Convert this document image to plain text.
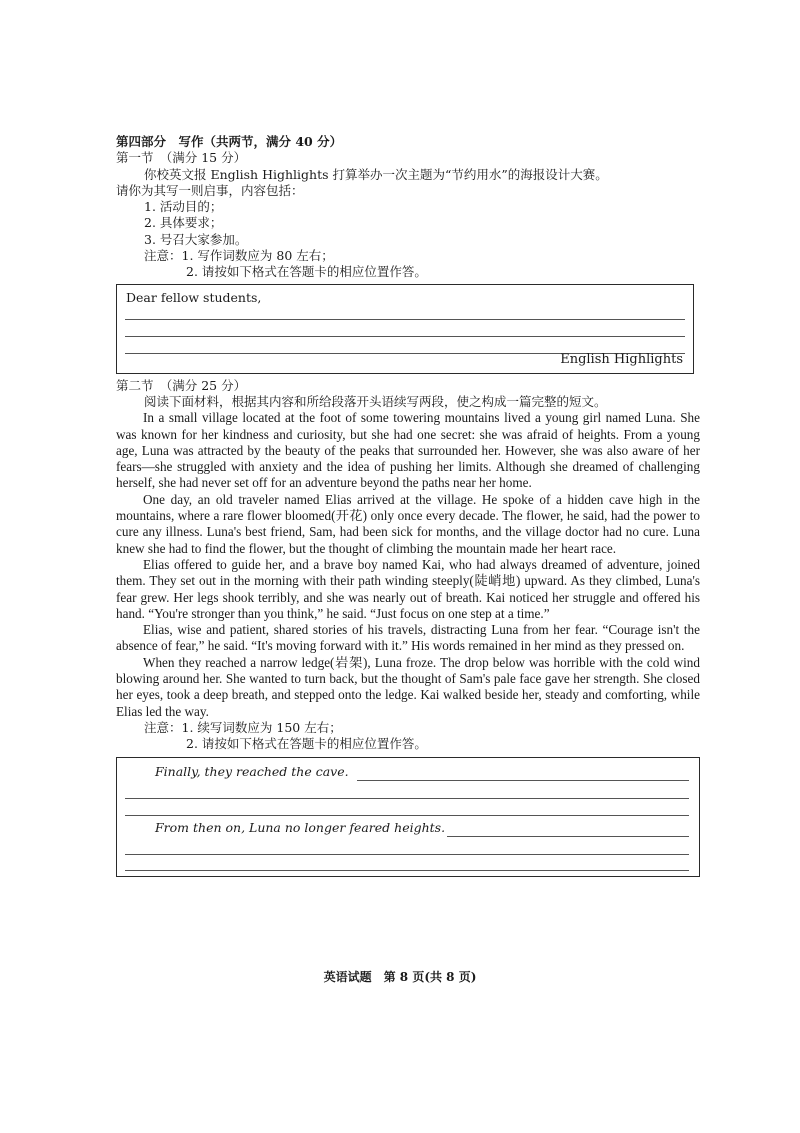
第四部分　写作（共两节，满分 40 分）
第一节　（满分 15 分）
你校英文报 English Highlights 打算举办一次主题为“节约用水”的海报设计大赛。
请你为其写一则启事，内容包括：
1. 活动目的；
2. 具体要求；
3. 号召大家参加。
注意：1. 写作词数应为 80 左右；
2. 请按如下格式在答题卡的相应位置作答。
Dear fellow students,
English Highlights
第二节　（满分 25 分）
阅读下面材料，根据其内容和所给段落开头语续写两段，使之构成一篇完整的短文。

In a small village located at the foot of some towering mountains lived a young girl named Luna. She was known for her kindness and curiosity, but she had one secret: she was afraid of heights. From a young age, Luna was attracted by the beauty of the peaks that surrounded her. However, she was also aware of her fears—she struggled with anxiety and the idea of pushing her limits. Although she dreamed of challenging herself, she had never set off for an adventure beyond the paths near her home.

One day, an old traveler named Elias arrived at the village. He spoke of a hidden cave high in the mountains, where a rare flower bloomed(开花) only once every decade. The flower, he said, had the power to cure any illness. Luna's best friend, Sam, had been sick for months, and the village doctor had no cure. Luna knew she had to find the flower, but the thought of climbing the mountain made her heart race.

Elias offered to guide her, and a brave boy named Kai, who had always dreamed of adventure, joined them. They set out in the morning with their path winding steeply(陡峭地) upward. As they climbed, Luna's fear grew. Her legs shook terribly, and she was nearly out of breath. Kai noticed her struggle and offered his hand. “You're stronger than you think,” he said. “Just focus on one step at a time.”

Elias, wise and patient, shared stories of his travels, distracting Luna from her fear. “Courage isn't the absence of fear,” he said. “It's moving forward with it.” His words remained in her mind as they pressed on.

When they reached a narrow ledge(岩架), Luna froze. The drop below was horrible with the cold wind blowing around her. She wanted to turn back, but the thought of Sam's pale face gave her strength. She closed her eyes, took a deep breath, and stepped onto the ledge. Kai walked beside her, steady and comforting, while Elias led the way.

注意：1. 续写词数应为 150 左右；
2. 请按如下格式在答题卡的相应位置作答。
Finally, they reached the cave.
From then on, Luna no longer feared heights.
英语试题　第 8 页(共 8 页)
